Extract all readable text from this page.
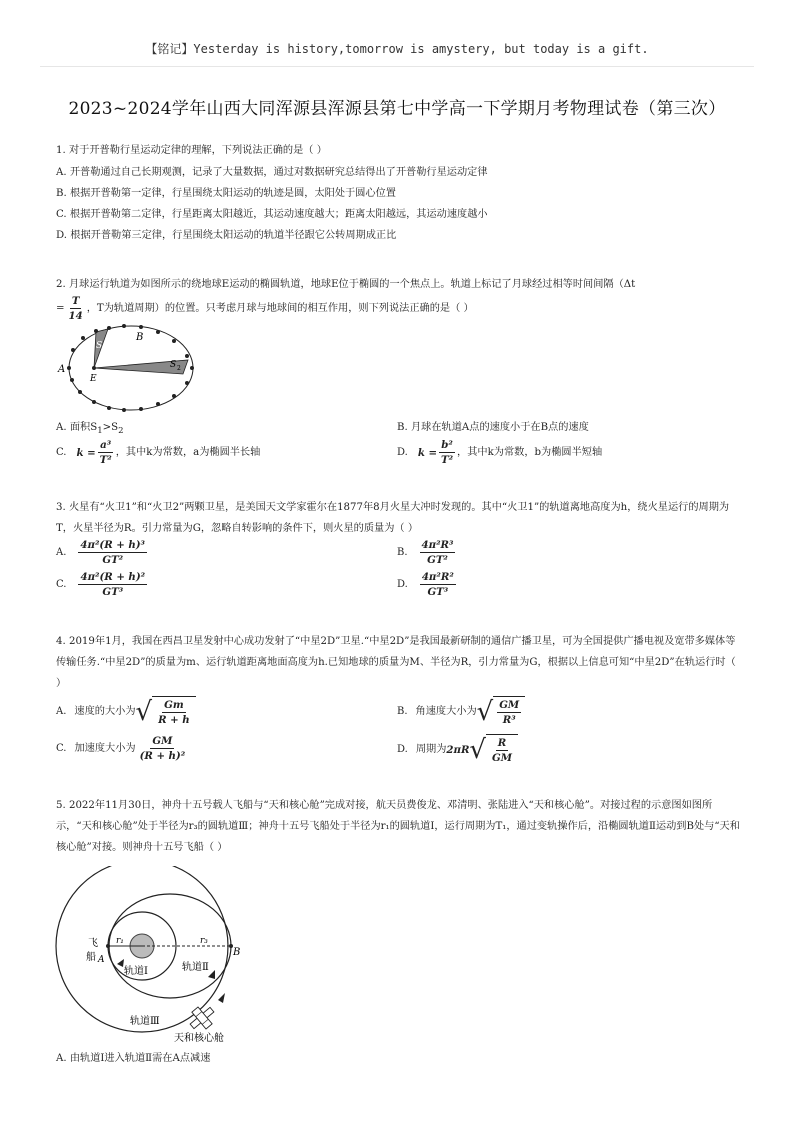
【铭记】Yesterday is history,tomorrow is amystery, but today is a gift.
2023~2024学年山西大同浑源县浑源县第七中学高一下学期月考物理试卷（第三次）
1. 对于开普勒行星运动定律的理解，下列说法正确的是（ ）
A. 开普勒通过自己长期观测，记录了大量数据，通过对数据研究总结得出了开普勒行星运动定律
B. 根据开普勒第一定律，行星围绕太阳运动的轨迹是圆，太阳处于圆心位置
C. 根据开普勒第二定律，行星距离太阳越近，其运动速度越大；距离太阳越远，其运动速度越小
D. 根据开普勒第三定律，行星围绕太阳运动的轨道半径跟它公转周期成正比
2. 月球运行轨道为如图所示的绕地球E运动的椭圆轨道，地球E位于椭圆的一个焦点上。轨道上标记了月球经过相等时间间隔（Δt
= $\frac{T}{14}$ ，T为轨道周期）的位置。只考虑月球与地球间的相互作用，则下列说法正确的是（ ）
A
B
E
S 1
S 2
A. 面积$S_1>S_2$	B. 月球在轨道A点的速度小于在B点的速度
C. $k = \frac{\text{a³}}{\text{T²}}$ ，其中k为常数，a为椭圆半长轴	D. $k = \frac{\text{b²}}{\text{T²}}$ ，其中k为常数，b为椭圆半短轴
3. 火星有“火卫1”和“火卫2”两颗卫星，是美国天文学家霍尔在1877年8月火星大冲时发现的。其中“火卫1”的轨道离地高度为h，绕火星运行的周期为T，火星半径为R。引力常量为G，忽略自转影响的条件下，则火星的质量为（ ）
A. $\frac{\text{4π²(R + h)³}}{\text{GT²}}$	B. $\frac{\text{4π²R³}}{\text{GT²}}$
C. $\frac{\text{4π²(R + h)²}}{\text{GT³}}$	D. $\frac{\text{4π²R²}}{\text{GT³}}$
4. 2019年1月，我国在西昌卫星发射中心成功发射了“中星2D”卫星.“中星2D”是我国最新研制的通信广播卫星，可为全国提供广播电视及宽带多媒体等传输任务.“中星2D”的质量为m、运行轨道距离地面高度为h.已知地球的质量为M、半径为R，引力常量为G，根据以上信息可知“中星2D”在轨运行时（ ）
A. 速度的大小为 √ $\frac{Gm}{R + h}$	B. 角速度大小为 √ $\frac{GM}{\text{R³}}$
C. 加速度大小为 $\frac{GM}{\text{(R + h)²}}$	D. 周期为 2πR √ $\frac{R}{GM}$
5. 2022年11月30日，神舟十五号载人飞船与“天和核心舱”完成对接，航天员费俊龙、邓清明、张陆进入“天和核心舱”。对接过程的示意图如图所示，“天和核心舱”处于半径为r₃的圆轨道Ⅲ；神舟十五号飞船处于半径为r₁的圆轨道Ⅰ，运行周期为T₁，通过变轨操作后，沿椭圆轨道Ⅱ运动到B处与“天和核心舱”对接。则神舟十五号飞船（ ）
飞
船 A
B
r₁	r₃
轨道Ⅰ	轨道Ⅱ
轨道Ⅲ
天和核心舱
A. 由轨道Ⅰ进入轨道Ⅱ需在A点减速
